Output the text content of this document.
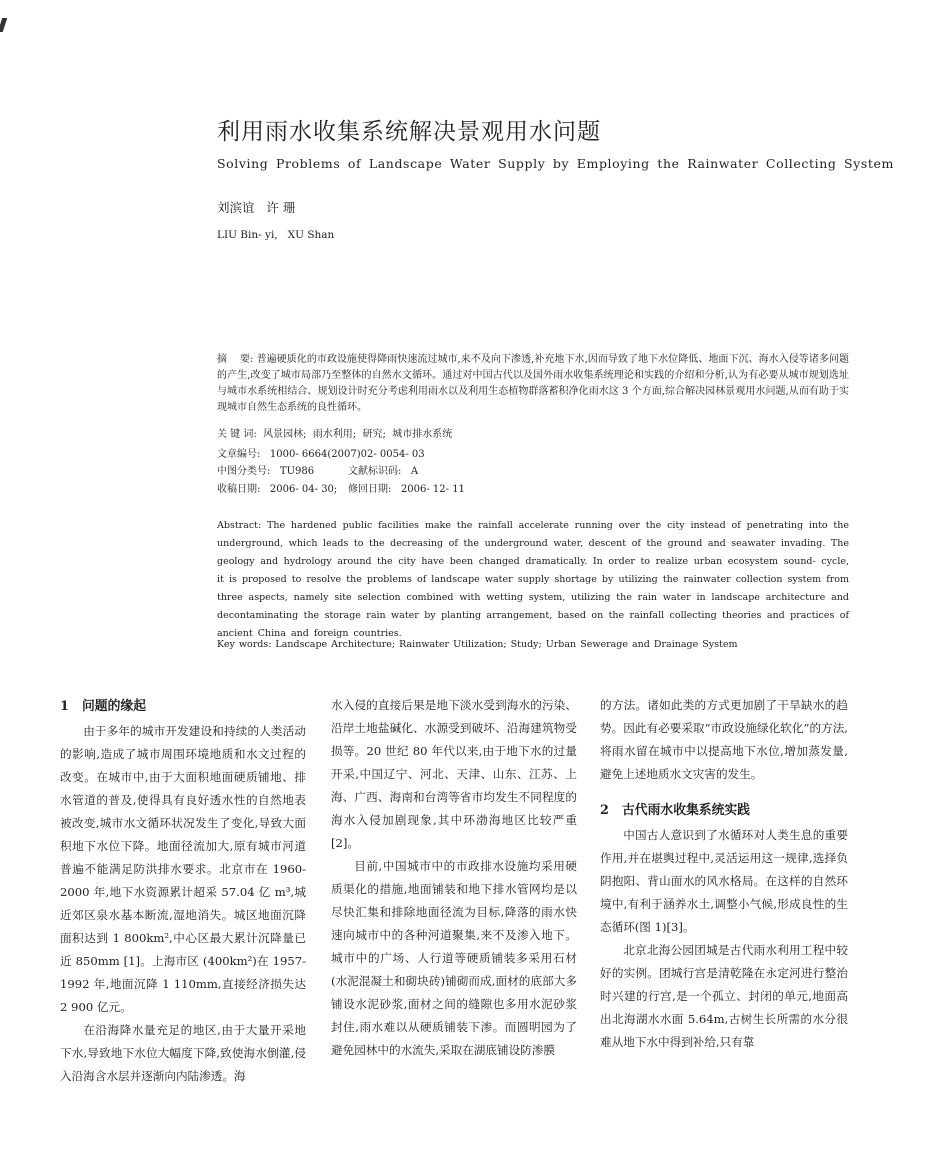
利用雨水收集系统解决景观用水问题
Solving Problems of Landscape Water Supply by Employing the Rainwater Collecting System
刘滨谊   许 珊
LIU Bin- yi,   XU Shan
摘    要: 普遍硬质化的市政设施使得降雨快速流过城市,来不及向下渗透,补充地下水,因而导致了地下水位降低、地面下沉、海水入侵等诸多问题的产生,改变了城市局部乃至整体的自然水文循环。通过对中国古代以及国外雨水收集系统理论和实践的介绍和分析,认为有必要从城市规划选址与城市水系统相结合、规划设计时充分考虑利用雨水以及利用生态植物群落蓄积净化雨水这 3 个方面,综合解决园林景观用水问题,从而有助于实现城市自然生态系统的良性循环。
关 键 词:  风景园林;  雨水利用;  研究;  城市排水系统
文章编号:   1000- 6664(2007)02- 0054- 03
中图分类号:   TU986	文献标识码:   A
收稿日期:   2006- 04- 30; 修回日期:   2006- 12- 11
Abstract: The hardened public facilities make the rainfall accelerate running over the city instead of penetrating into the underground, which leads to the decreasing of the underground water, descent of the ground and seawater invading. The geology and hydrology around the city have been changed dramatically. In order to realize urban ecosystem sound- cycle, it is proposed to resolve the problems of landscape water supply shortage by utilizing the rainwater collection system from three aspects, namely site selection combined with wetting system, utilizing the rain water in landscape architecture and decontaminating the storage rain water by planting arrangement, based on the rainfall collecting theories and practices of ancient China and foreign countries.
Key words: Landscape Architecture; Rainwater Utilization; Study; Urban Sewerage and Drainage System
1 问题的缘起

由于多年的城市开发建设和持续的人类活动的影响,造成了城市周围环境地质和水文过程的改变。在城市中,由于大面积地面硬质铺地、排水管道的普及,使得具有良好透水性的自然地表被改变,城市水文循环状况发生了变化,导致大面积地下水位下降。地面径流加大,原有城市河道普遍不能满足防洪排水要求。北京市在 1960- 2000 年,地下水资源累计超采 57.04 亿 m³,城近郊区泉水基本断流,湿地消失。城区地面沉降面积达到 1 800km²,中心区最大累计沉降量已近 850mm [1]。上海市区 (400km²)在 1957- 1992 年,地面沉降 1 110mm,直接经济损失达 2 900 亿元。

在沿海降水量充足的地区,由于大量开采地下水,导致地下水位大幅度下降,致使海水倒灌,侵入沿海含水层并逐渐向内陆渗透。海

水入侵的直接后果是地下淡水受到海水的污染、沿岸土地盐碱化、水源受到破坏、沿海建筑物受损等。20 世纪 80 年代以来,由于地下水的过量开采,中国辽宁、河北、天津、山东、江苏、上海、广西、海南和台湾等省市均发生不同程度的海水入侵加剧现象,其中环渤海地区比较严重[2]。

目前,中国城市中的市政排水设施均采用硬质渠化的措施,地面铺装和地下排水管网均是以尽快汇集和排除地面径流为目标,降落的雨水快速向城市中的各种河道聚集,来不及渗入地下。城市中的广场、人行道等硬质铺装多采用石材 (水泥混凝土和砌块砖)铺砌而成,面材的底部大多铺设水泥砂浆,面材之间的缝隙也多用水泥砂浆封住,雨水难以从硬质铺装下渗。而圆明园为了避免园林中的水流失,采取在湖底铺设防渗膜

的方法。诸如此类的方式更加剧了干旱缺水的趋势。因此有必要采取“市政设施绿化软化”的方法,将雨水留在城市中以提高地下水位,增加蒸发量,避免上述地质水文灾害的发生。

2 古代雨水收集系统实践

中国古人意识到了水循环对人类生息的重要作用,并在堪舆过程中,灵活运用这一规律,选择负阴抱阳、背山面水的风水格局。在这样的自然环境中,有利于涵养水土,调整小气候,形成良性的生态循环(图 1)[3]。

北京北海公园团城是古代雨水利用工程中较好的实例。团城行宫是清乾隆在永定河进行整治时兴建的行宫,是一个孤立、封闭的单元,地面高出北海湖水水面 5.64m,古树生长所需的水分很难从地下水中得到补给,只有靠
